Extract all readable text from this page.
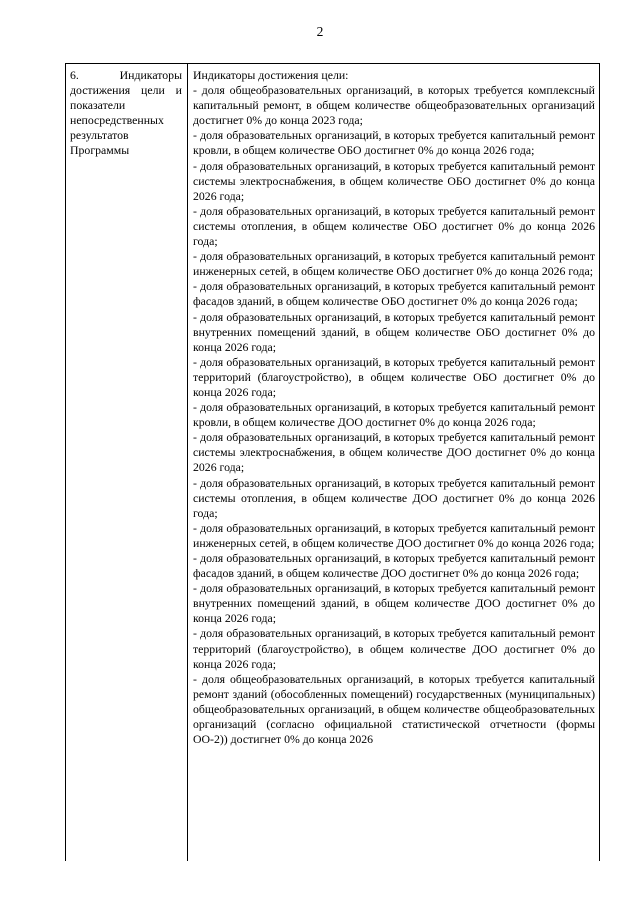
2

6. Индикаторы достижения цели и показатели непосредственных результатов Программы

Индикаторы достижения цели:

- доля общеобразовательных организаций, в которых требуется комплексный капитальный ремонт, в общем количестве общеобразовательных организаций достигнет 0% до конца 2023 года;

- доля образовательных организаций, в которых требуется капитальный ремонт кровли, в общем количестве ОБО достигнет 0% до конца 2026 года;

- доля образовательных организаций, в которых требуется капитальный ремонт системы электроснабжения, в общем количестве ОБО достигнет 0% до конца 2026 года;

- доля образовательных организаций, в которых требуется капитальный ремонт системы отопления, в общем количестве ОБО достигнет 0% до конца 2026 года;

- доля образовательных организаций, в которых требуется капитальный ремонт инженерных сетей, в общем количестве ОБО достигнет 0% до конца 2026 года;

- доля образовательных организаций, в которых требуется капитальный ремонт фасадов зданий, в общем количестве ОБО достигнет 0% до конца 2026 года;

- доля образовательных организаций, в которых требуется капитальный ремонт внутренних помещений зданий, в общем количестве ОБО достигнет 0% до конца 2026 года;

- доля образовательных организаций, в которых требуется капитальный ремонт территорий (благоустройство), в общем количестве ОБО достигнет 0% до конца 2026 года;

- доля образовательных организаций, в которых требуется капитальный ремонт кровли, в общем количестве ДОО достигнет 0% до конца 2026 года;

- доля образовательных организаций, в которых требуется капитальный ремонт системы электроснабжения, в общем количестве ДОО достигнет 0% до конца 2026 года;

- доля образовательных организаций, в которых требуется капитальный ремонт системы отопления, в общем количестве ДОО достигнет 0% до конца 2026 года;

- доля образовательных организаций, в которых требуется капитальный ремонт инженерных сетей, в общем количестве ДОО достигнет 0% до конца 2026 года;

- доля образовательных организаций, в которых требуется капитальный ремонт фасадов зданий, в общем количестве ДОО достигнет 0% до конца 2026 года;

- доля образовательных организаций, в которых требуется капитальный ремонт внутренних помещений зданий, в общем количестве ДОО достигнет 0% до конца 2026 года;

- доля образовательных организаций, в которых требуется капитальный ремонт территорий (благоустройство), в общем количестве ДОО достигнет 0% до конца 2026 года;

- доля общеобразовательных организаций, в которых требуется капитальный ремонт зданий (обособленных помещений) государственных (муниципальных) общеобразовательных организаций, в общем количестве общеобразовательных организаций (согласно официальной статистической отчетности (формы ОО-2)) достигнет 0% до конца 2026
